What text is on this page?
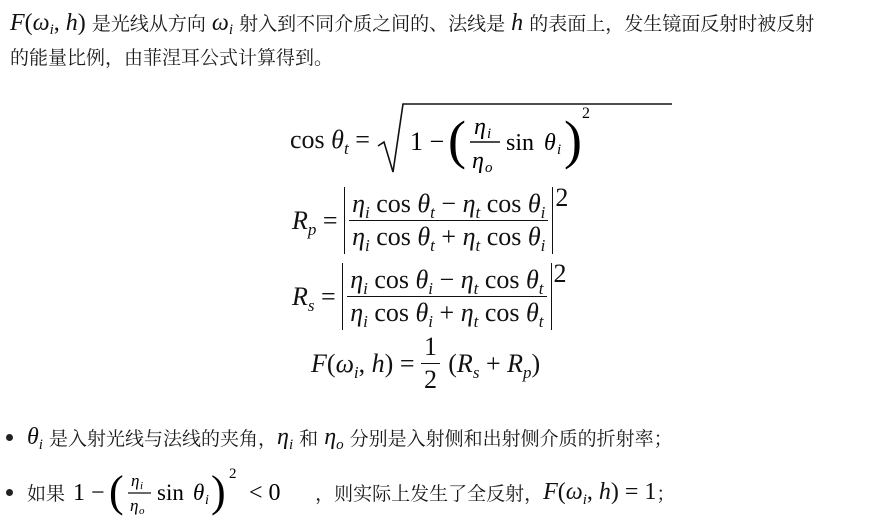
$F(\omega_i$, h) 是光线从方向 $\omega_i$ 射入到不同介质之间的、法线是 h 的表面上，发生镜面反射时被反射
的能量比例，由菲涅耳公式计算得到。
$\cos \theta_t = 1$ − ( η i
η o
sin θ i ) 2
$R_p = \frac{\eta_i \cos \theta_t - \eta_t \cos \theta_i}{\eta_i \cos \theta_t + \eta_t \cos \theta_i} 2$
$R_s = \frac{\eta_i \cos \theta_i - \eta_t \cos \theta_t}{\eta_i \cos \theta_i + \eta_t \cos \theta_t} 2$
$F(\omega_i$, $h) = \frac{1}{2} (R_s + R_p)$
$\theta_i$
是入射光线与法线的夹角， $\eta_i$
和
$\eta_o$
分别是入射侧和出射侧介质的折射率；
如果
1 − ( η i
η o
sin θ i ) 2
< 0 ，则实际上发生了全反射， $F(\omega_i$, h) = 1 ；
